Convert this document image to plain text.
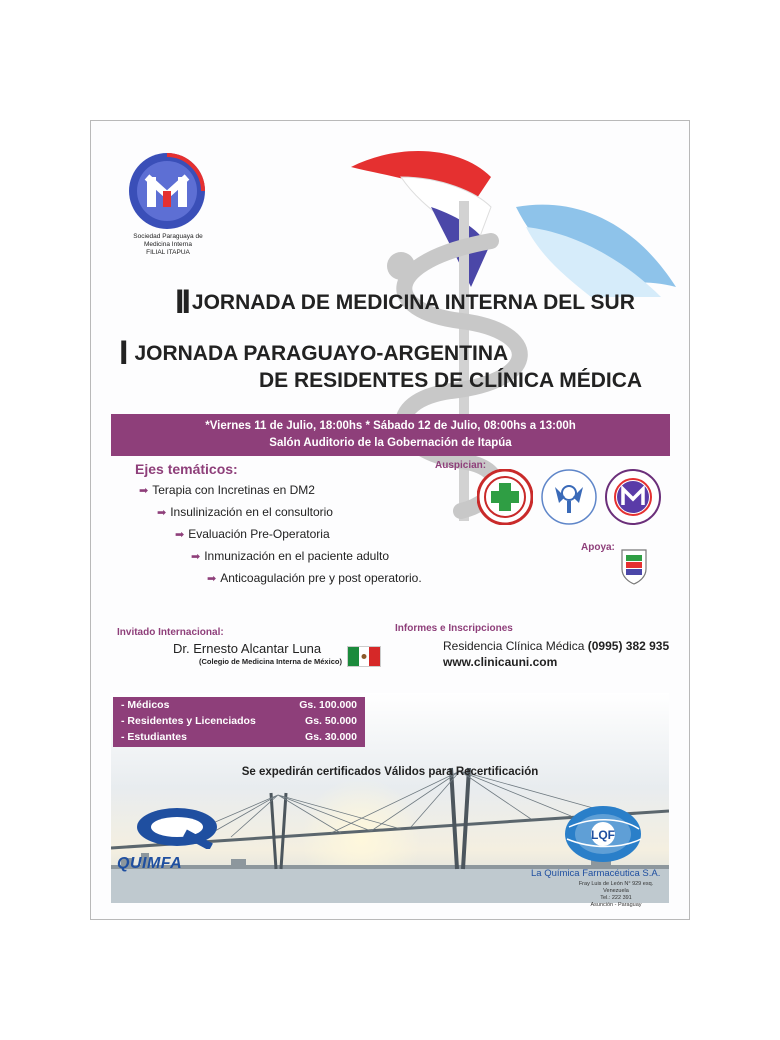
Sociedad Paraguaya de
Medicina Interna
FILIAL ITAPUA
II JORNADA DE MEDICINA INTERNA DEL SUR
IJORNADA PARAGUAYO-ARGENTINA
DE RESIDENTES DE CLÍNICA MÉDICA
*Viernes 11 de Julio, 18:00hs * Sábado 12 de Julio, 08:00hs a 13:00h
Salón Auditorio de la Gobernación de Itapúa
Ejes temáticos:
➡ Terapia con Incretinas en DM2
➡ Insulinización en el consultorio
➡ Evaluación Pre-Operatoria
➡ Inmunización en el paciente adulto
➡ Anticoagulación pre y post operatorio.
Auspician:
Apoya:
Invitado Internacional:
Dr. Ernesto Alcantar Luna
(Colegio de Medicina Interna de México)
Informes e Inscripciones
Residencia Clínica Médica (0995) 382 935
www.clinicauni.com
- Médicos	Gs. 100.000
- Residentes y Licenciados	Gs. 50.000
- Estudiantes	Gs. 30.000
Se expedirán certificados Válidos para Recertificación
QUIMFA
LQF
La Química Farmacéutica S.A.
Fray Luis de León N° 929 esq. Venezuela
Tel.: 222 391
Asunción - Paraguay
